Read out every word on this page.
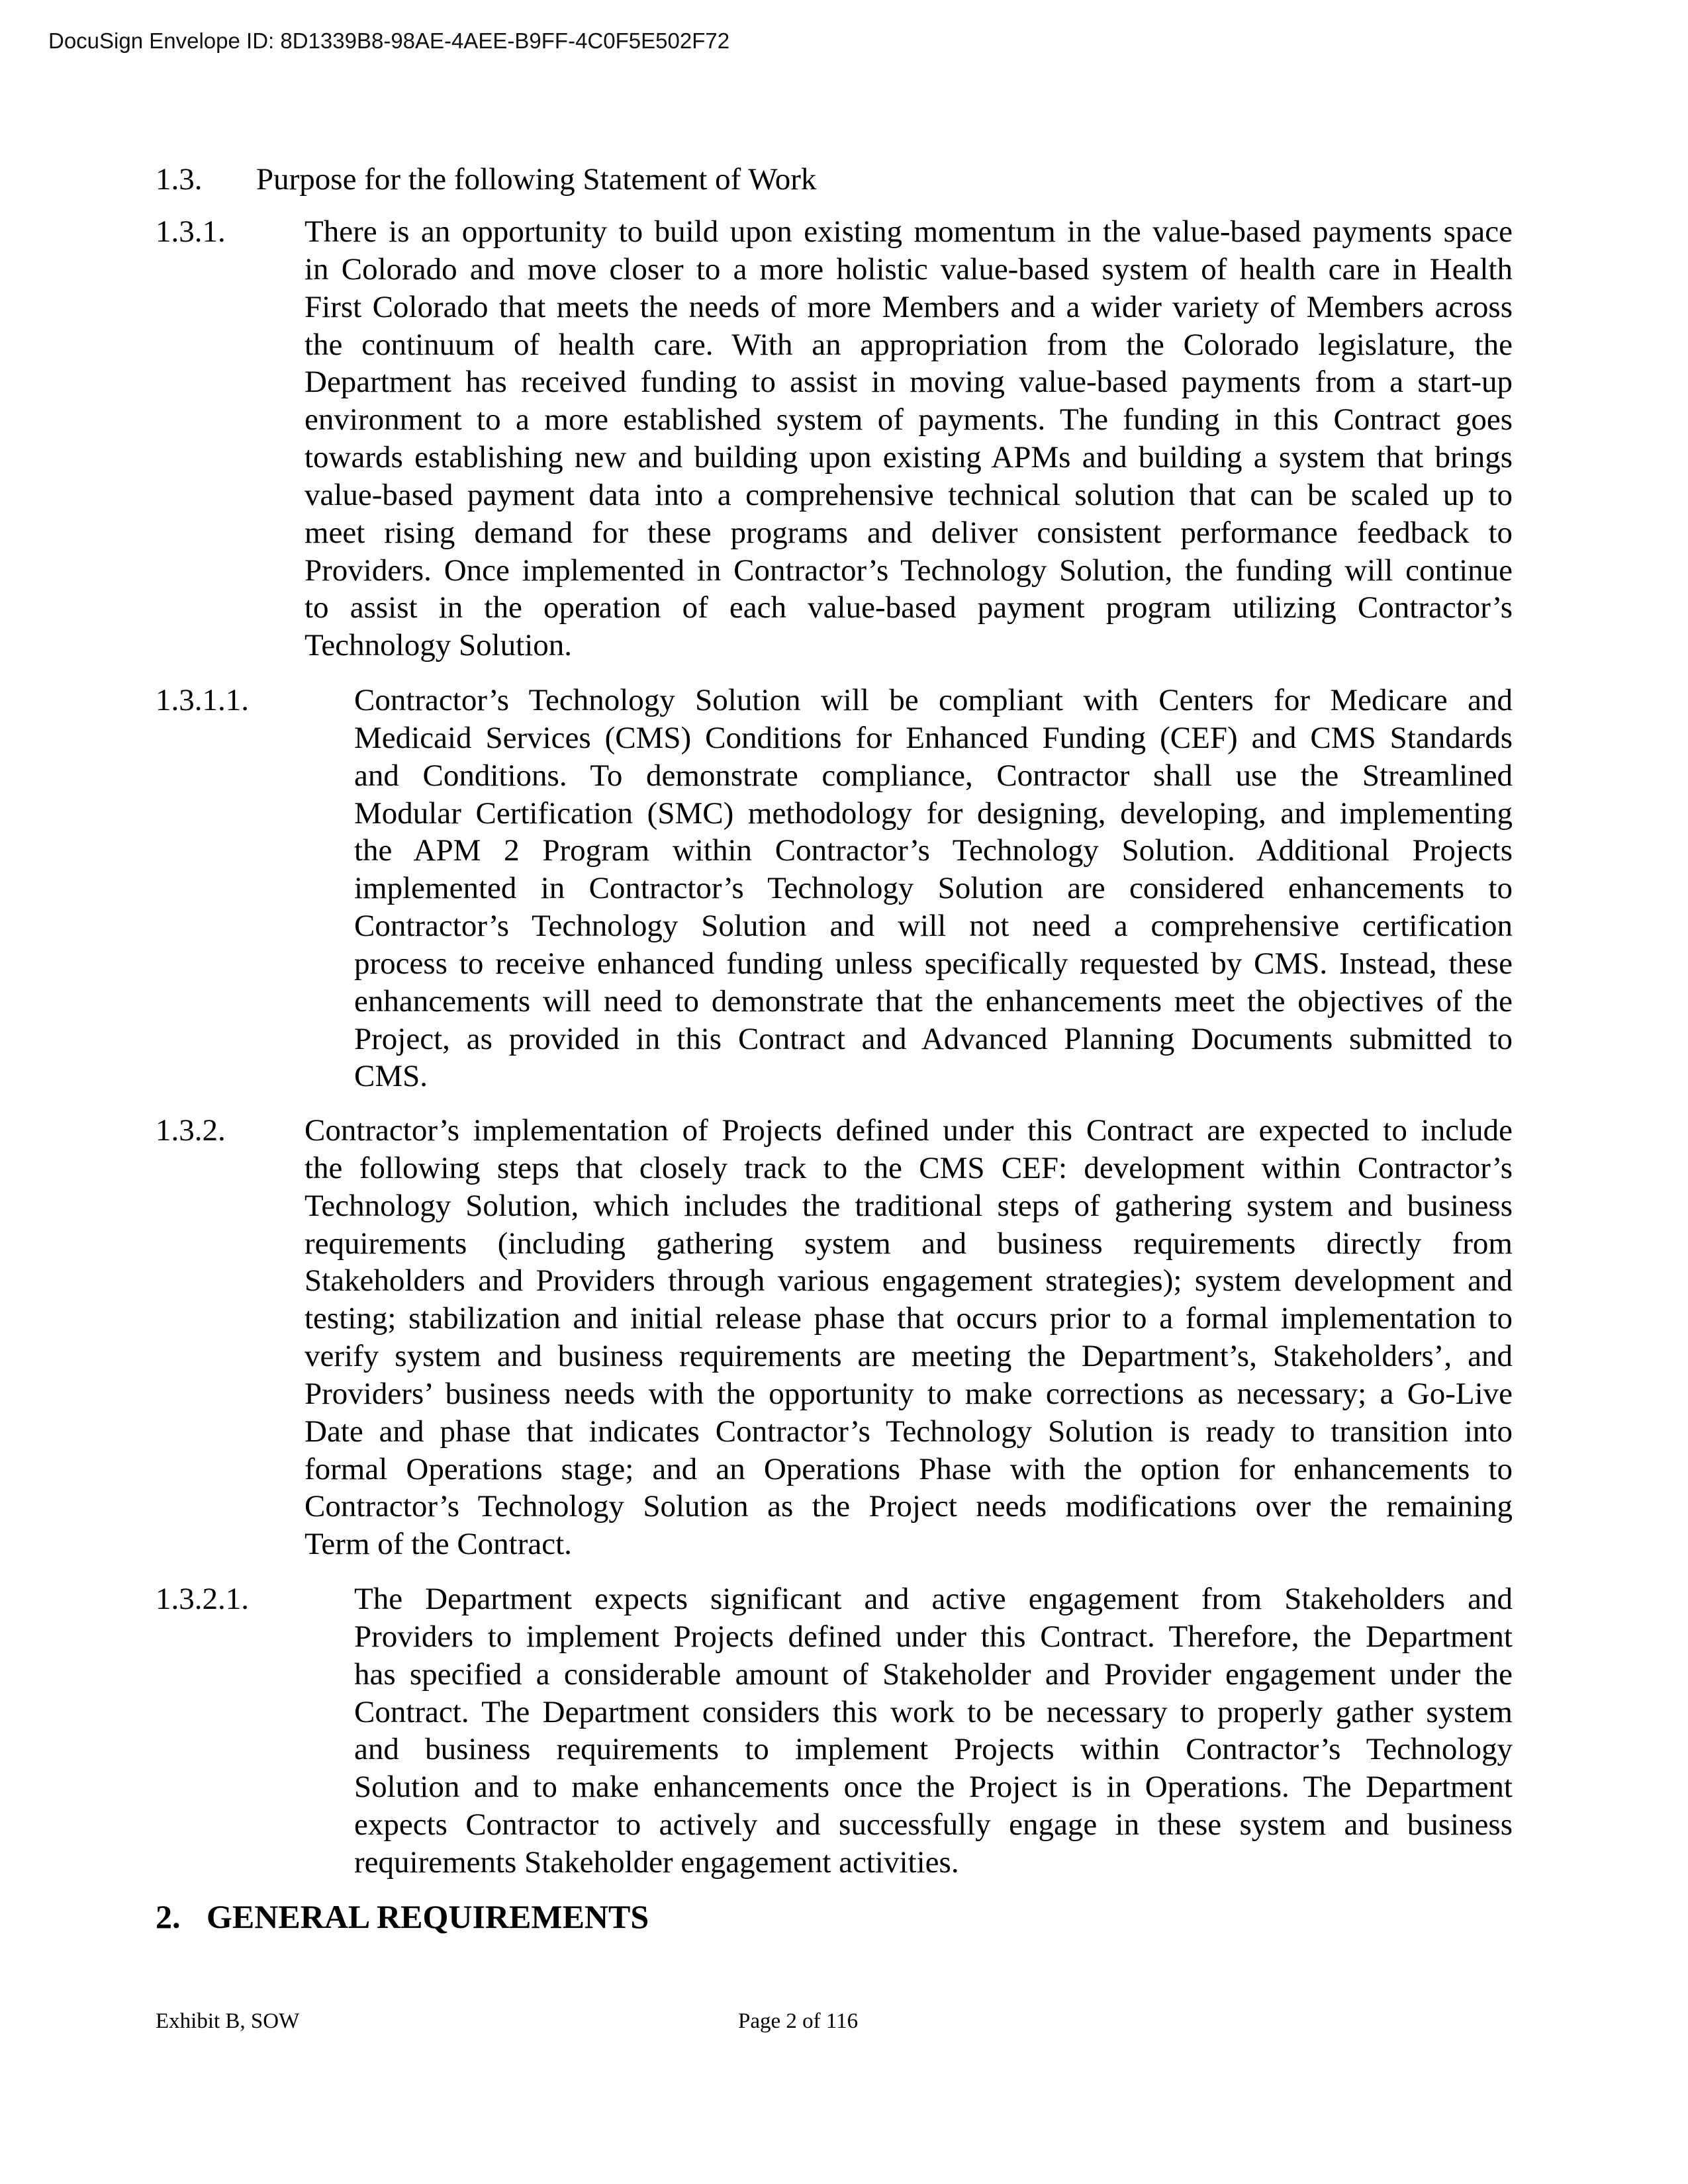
DocuSign Envelope ID: 8D1339B8-98AE-4AEE-B9FF-4C0F5E502F72
1.3. Purpose for the following Statement of Work
1.3.1.	There is an opportunity to build upon existing momentum in the value-based payments space
in Colorado and move closer to a more holistic value-based system of health care in Health
First Colorado that meets the needs of more Members and a wider variety of Members across
the continuum of health care. With an appropriation from the Colorado legislature, the
Department has received funding to assist in moving value-based payments from a start-up
environment to a more established system of payments. The funding in this Contract goes
towards establishing new and building upon existing APMs and building a system that brings
value-based payment data into a comprehensive technical solution that can be scaled up to
meet rising demand for these programs and deliver consistent performance feedback to
Providers. Once implemented in Contractor’s Technology Solution, the funding will continue
to assist in the operation of each value-based payment program utilizing Contractor’s
Technology Solution.
1.3.1.1.	Contractor’s Technology Solution will be compliant with Centers for Medicare and
Medicaid Services (CMS) Conditions for Enhanced Funding (CEF) and CMS Standards
and Conditions. To demonstrate compliance, Contractor shall use the Streamlined
Modular Certification (SMC) methodology for designing, developing, and implementing
the APM 2 Program within Contractor’s Technology Solution. Additional Projects
implemented in Contractor’s Technology Solution are considered enhancements to
Contractor’s Technology Solution and will not need a comprehensive certification
process to receive enhanced funding unless specifically requested by CMS. Instead, these
enhancements will need to demonstrate that the enhancements meet the objectives of the
Project, as provided in this Contract and Advanced Planning Documents submitted to
CMS.
1.3.2.	Contractor’s implementation of Projects defined under this Contract are expected to include
the following steps that closely track to the CMS CEF: development within Contractor’s
Technology Solution, which includes the traditional steps of gathering system and business
requirements (including gathering system and business requirements directly from
Stakeholders and Providers through various engagement strategies); system development and
testing; stabilization and initial release phase that occurs prior to a formal implementation to
verify system and business requirements are meeting the Department’s, Stakeholders’, and
Providers’ business needs with the opportunity to make corrections as necessary; a Go-Live
Date and phase that indicates Contractor’s Technology Solution is ready to transition into
formal Operations stage; and an Operations Phase with the option for enhancements to
Contractor’s Technology Solution as the Project needs modifications over the remaining
Term of the Contract.
1.3.2.1.	The Department expects significant and active engagement from Stakeholders and
Providers to implement Projects defined under this Contract. Therefore, the Department
has specified a considerable amount of Stakeholder and Provider engagement under the
Contract. The Department considers this work to be necessary to properly gather system
and business requirements to implement Projects within Contractor’s Technology
Solution and to make enhancements once the Project is in Operations. The Department
expects Contractor to actively and successfully engage in these system and business
requirements Stakeholder engagement activities.
2. GENERAL REQUIREMENTS
Exhibit B, SOW	Page 2 of 116
